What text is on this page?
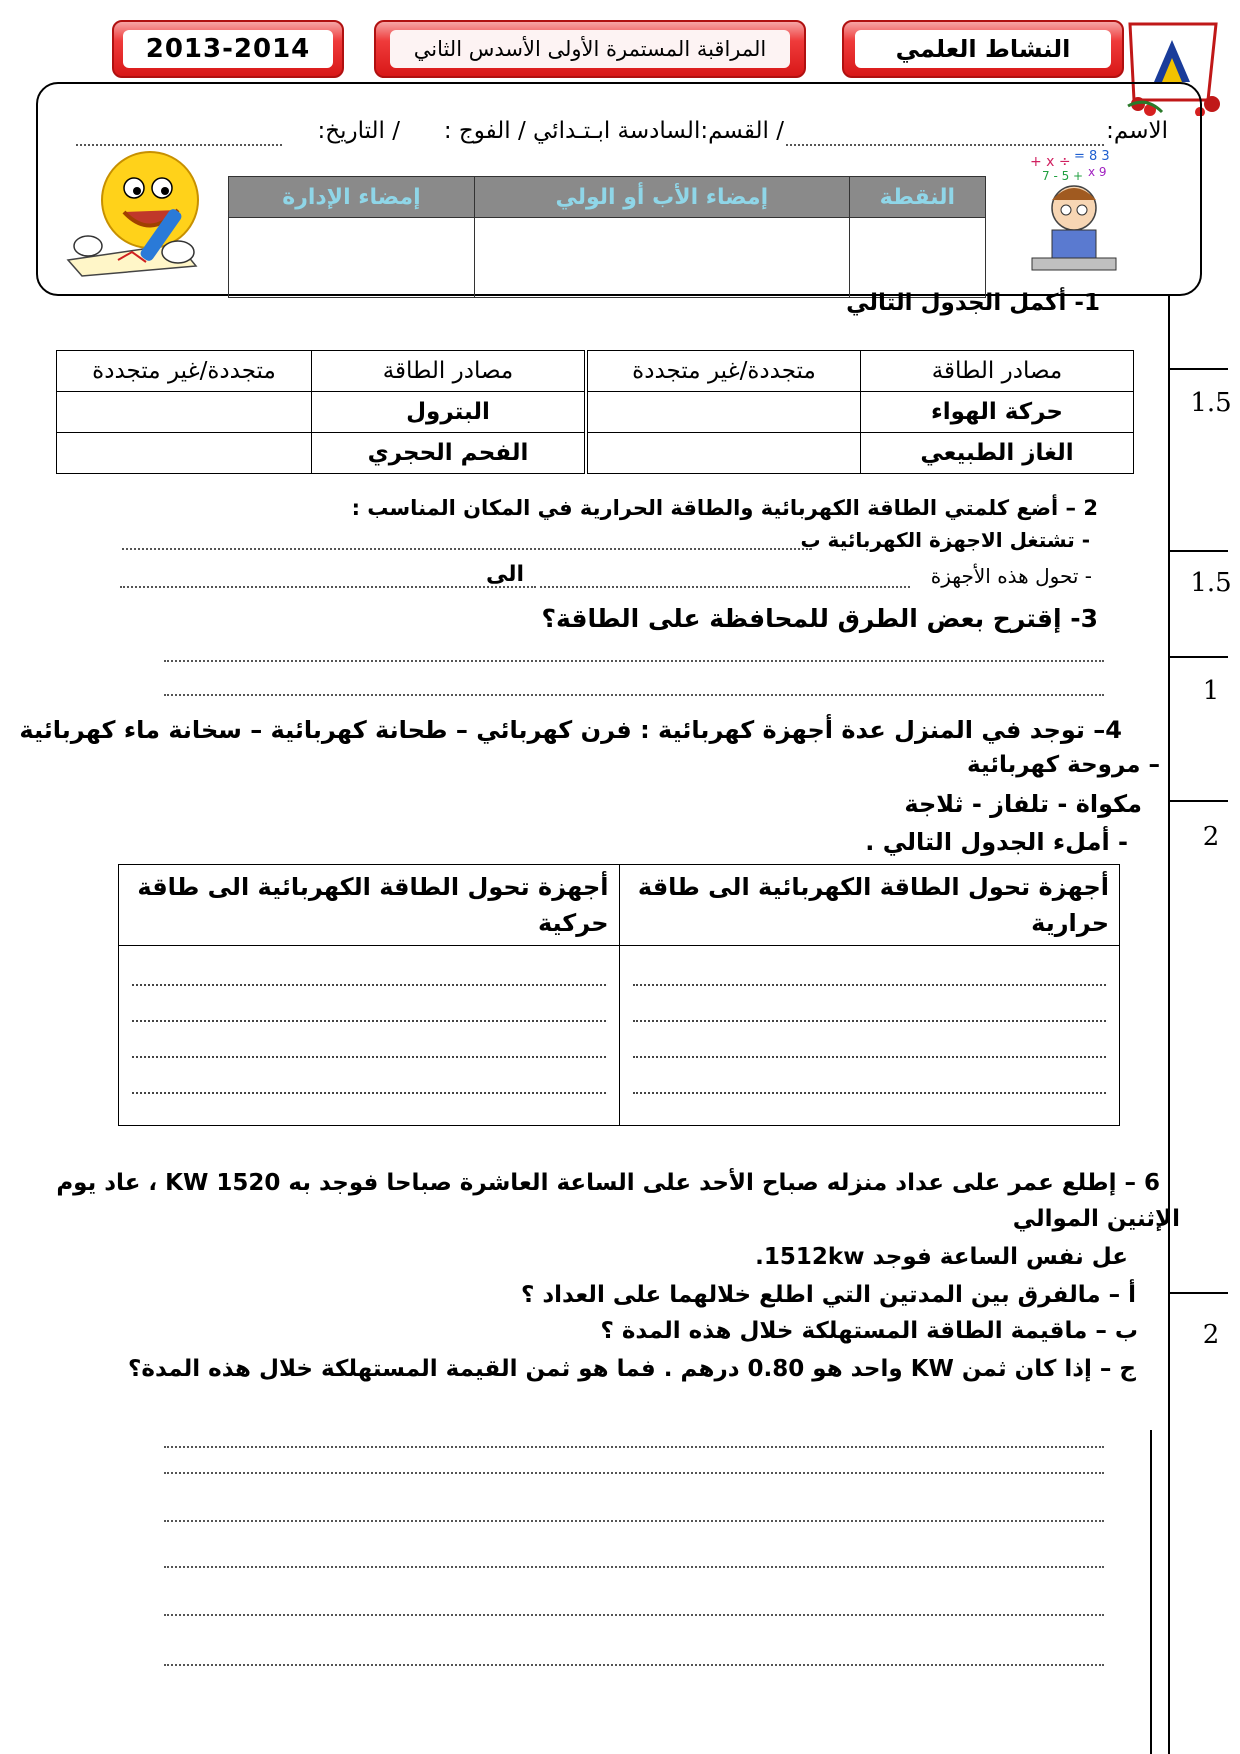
2013-2014	المراقبة المستمرة الأولى الأسدس الثاني	النشاط العلمي
الاسم:
/ القسم:السادسة ابـتـدائي / الفوج :
/ التاريخ:
+ x ÷ = 8 3
7 - 5 + x 9
النقطة	إمضاء الأب أو الولي	إمضاء الإدارة

1.5
1.5
1
2
2
1- أكمل الجدول التالي
مصادر الطاقة	متجددة/غير متجددة	مصادر الطاقة	متجددة/غير متجددة
حركة الهواء		البترول	
الغاز الطبيعي		الفحم الحجري	
2 – أضع كلمتي الطاقة الكهربائية والطاقة الحرارية في المكان المناسب :
- تشتغل الاجهزة الكهربائية ب
- تحول هذه الأجهزة
الى
3- إقترح بعض الطرق للمحافظة على الطاقة؟
4– توجد في المنزل عدة أجهزة كهربائية : فرن كهربائي – طحانة كهربائية – سخانة ماء كهربائية
– مروحة كهربائية
مكواة - تلفاز - ثلاجة
- أملء الجدول التالي .
أجهزة تحول الطاقة الكهربائية الى طاقة حرارية	أجهزة تحول الطاقة الكهربائية الى طاقة حركية

6 – إطلع عمر على عداد منزله صباح الأحد على الساعة العاشرة صباحا فوجد به 1520 KW ، عاد يوم
الإثنين الموالي
عل نفس الساعة فوجد 1512kw.
أ – مالفرق بين المدتين التي اطلع خلالهما على العداد ؟
ب – ماقيمة الطاقة المستهلكة خلال هذه المدة ؟
ج – إذا كان ثمن KW واحد هو 0.80 درهم . فما هو ثمن القيمة المستهلكة خلال هذه المدة؟
